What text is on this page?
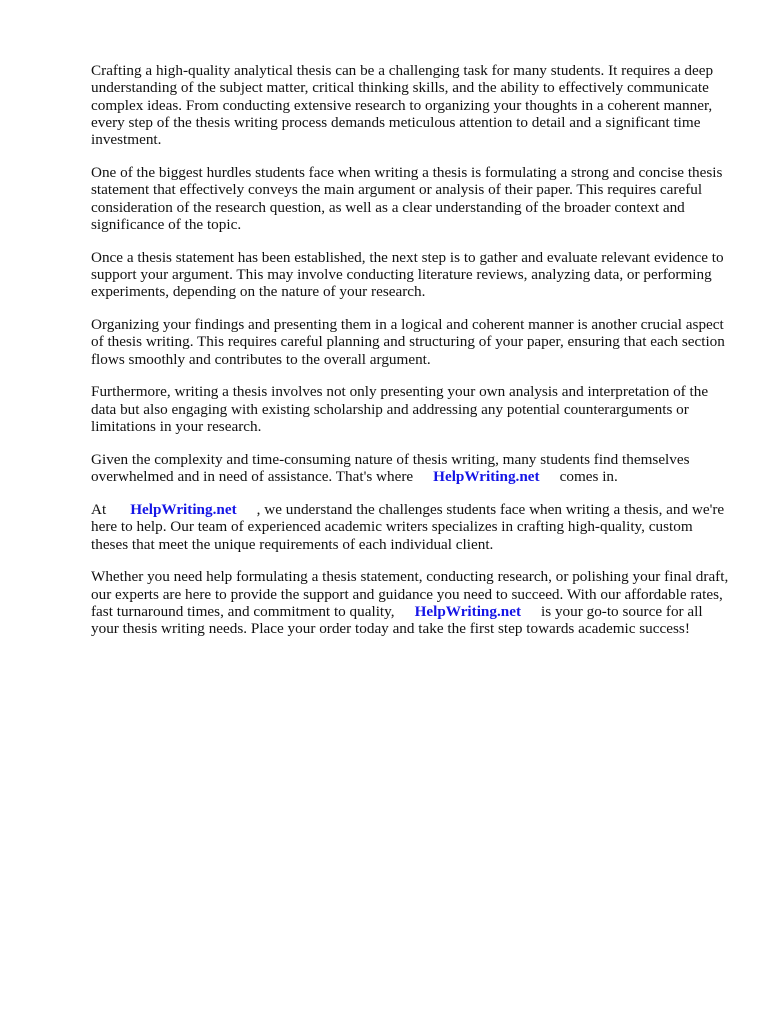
Crafting a high-quality analytical thesis can be a challenging task for many students. It requires a deep understanding of the subject matter, critical thinking skills, and the ability to effectively communicate complex ideas. From conducting extensive research to organizing your thoughts in a coherent manner, every step of the thesis writing process demands meticulous attention to detail and a significant time investment.

One of the biggest hurdles students face when writing a thesis is formulating a strong and concise thesis statement that effectively conveys the main argument or analysis of their paper. This requires careful consideration of the research question, as well as a clear understanding of the broader context and significance of the topic.

Once a thesis statement has been established, the next step is to gather and evaluate relevant evidence to support your argument. This may involve conducting literature reviews, analyzing data, or performing experiments, depending on the nature of your research.

Organizing your findings and presenting them in a logical and coherent manner is another crucial aspect of thesis writing. This requires careful planning and structuring of your paper, ensuring that each section flows smoothly and contributes to the overall argument.

Furthermore, writing a thesis involves not only presenting your own analysis and interpretation of the data but also engaging with existing scholarship and addressing any potential counterarguments or limitations in your research.

Given the complexity and time-consuming nature of thesis writing, many students find themselves overwhelmed and in need of assistance. That's where HelpWriting.net comes in.

At HelpWriting.net , we understand the challenges students face when writing a thesis, and we're here to help. Our team of experienced academic writers specializes in crafting high-quality, custom theses that meet the unique requirements of each individual client.

Whether you need help formulating a thesis statement, conducting research, or polishing your final draft, our experts are here to provide the support and guidance you need to succeed. With our affordable rates, fast turnaround times, and commitment to quality, HelpWriting.net is your go-to source for all your thesis writing needs. Place your order today and take the first step towards academic success!
